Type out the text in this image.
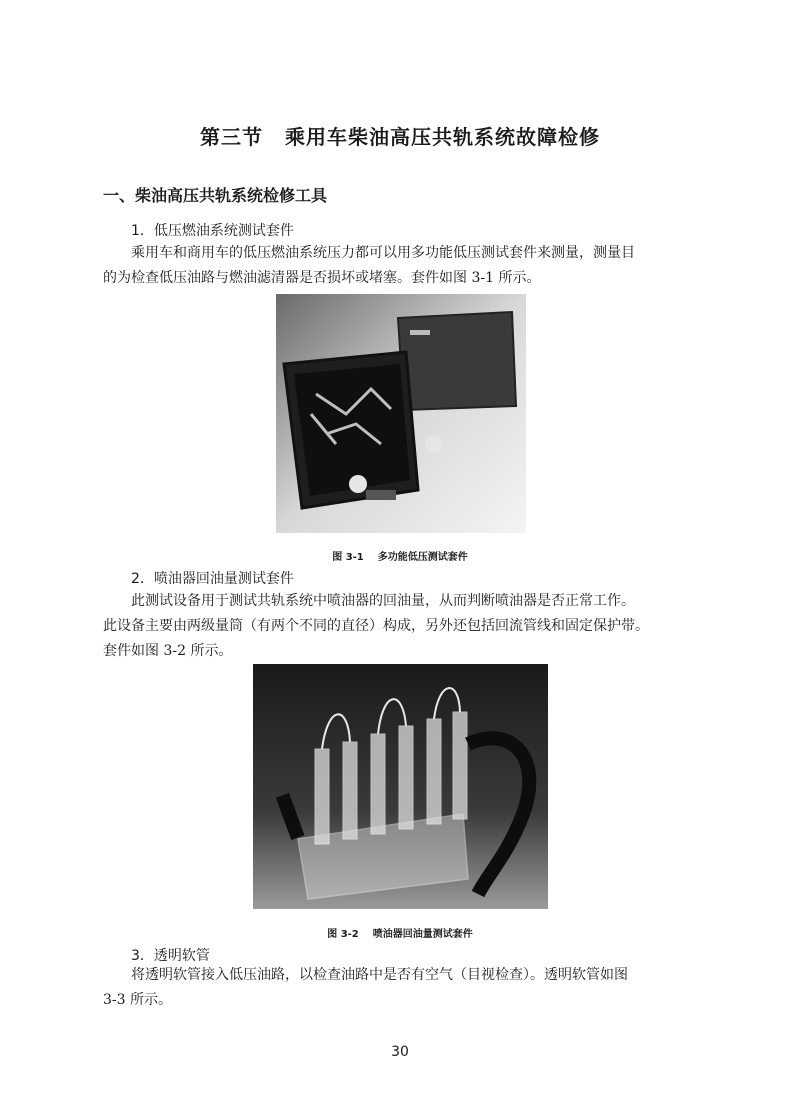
第三节 乘用车柴油高压共轨系统故障检修
一、柴油高压共轨系统检修工具
1．低压燃油系统测试套件
乘用车和商用车的低压燃油系统压力都可以用多功能低压测试套件来测量，测量目
的为检查低压油路与燃油滤清器是否损坏或堵塞。套件如图 3-1 所示。
图 3-1 多功能低压测试套件
2．喷油器回油量测试套件
此测试设备用于测试共轨系统中喷油器的回油量，从而判断喷油器是否正常工作。
此设备主要由两级量筒（有两个不同的直径）构成，另外还包括回流管线和固定保护带。
套件如图 3-2 所示。
图 3-2 喷油器回油量测试套件
3．透明软管
将透明软管接入低压油路，以检查油路中是否有空气（目视检查）。透明软管如图
3-3 所示。
30
